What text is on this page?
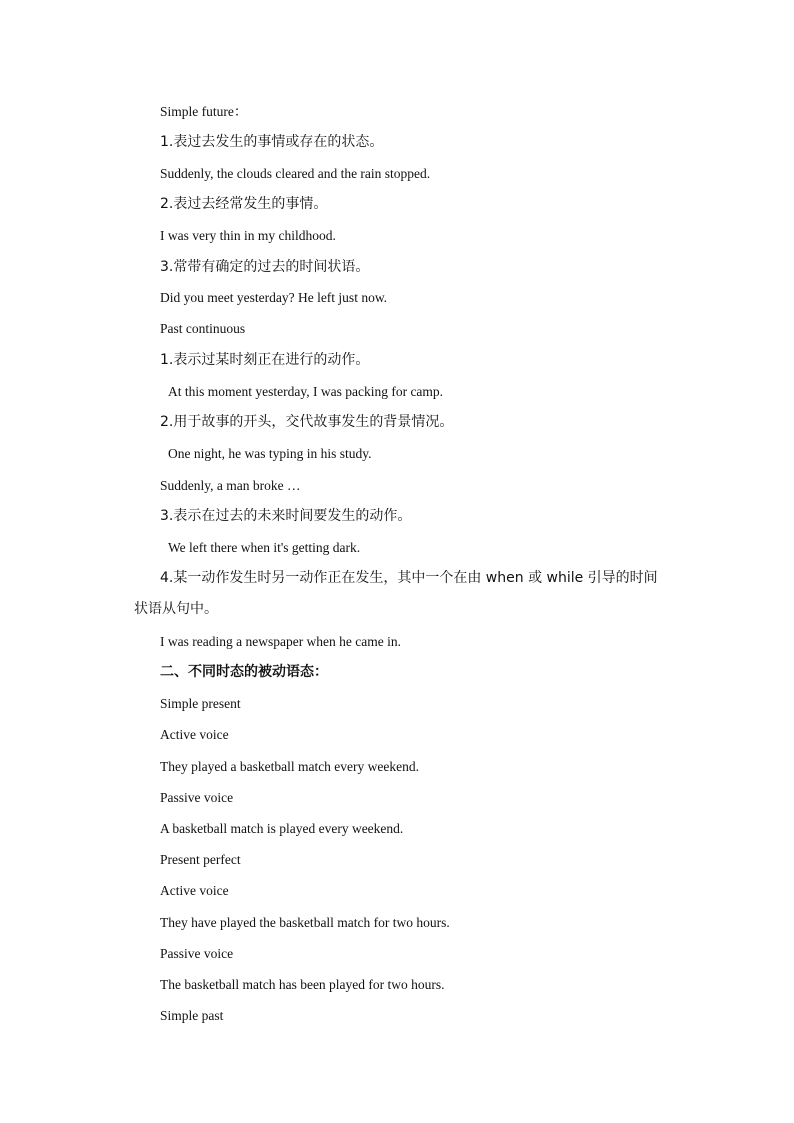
Simple future：
1.表过去发生的事情或存在的状态。
Suddenly, the clouds cleared and the rain stopped.
2.表过去经常发生的事情。
I was very thin in my childhood.
3.常带有确定的过去的时间状语。
Did you meet yesterday? He left just now.
Past continuous
1.表示过某时刻正在进行的动作。
At this moment yesterday, I was packing for camp.
2.用于故事的开头，交代故事发生的背景情况。
One night, he was typing in his study.
Suddenly, a man broke …
3.表示在过去的未来时间要发生的动作。
We left there when it's getting dark.
4.某一动作发生时另一动作正在发生，其中一个在由 when 或 while 引导的时间
状语从句中。
I was reading a newspaper when he came in.
二、不同时态的被动语态：
Simple present
Active voice
They played a basketball match every weekend.
Passive voice
A basketball match is played every weekend.
Present perfect
Active voice
They have played the basketball match for two hours.
Passive voice
The basketball match has been played for two hours.
Simple past
